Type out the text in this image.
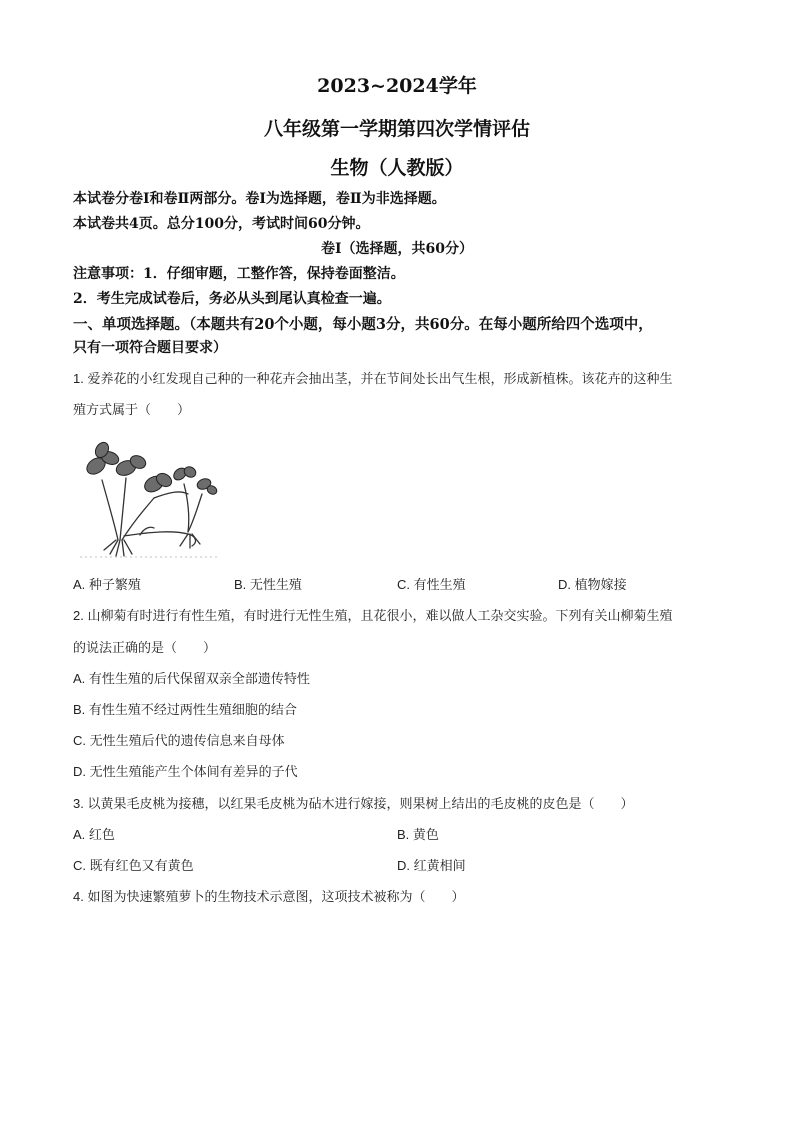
2023~2024学年
八年级第一学期第四次学情评估
生物（人教版）
本试卷分卷Ⅰ和卷Ⅱ两部分。卷Ⅰ为选择题，卷Ⅱ为非选择题。
本试卷共4页。总分100分，考试时间60分钟。
卷Ⅰ（选择题，共60分）
注意事项：1．仔细审题，工整作答，保持卷面整洁。
2．考生完成试卷后，务必从头到尾认真检查一遍。
一、单项选择题。（本题共有20个小题，每小题3分，共60分。在每小题所给四个选项中，
只有一项符合题目要求）
1. 爱养花的小红发现自己种的一种花卉会抽出茎，并在节间处长出气生根，形成新植株。该花卉的这种生
殖方式属于（　　）
A. 种子繁殖	B. 无性生殖	C. 有性生殖	D. 植物嫁接
2. 山柳菊有时进行有性生殖，有时进行无性生殖，且花很小，难以做人工杂交实验。下列有关山柳菊生殖
的说法正确的是（　　）
A. 有性生殖的后代保留双亲全部遗传特性
B. 有性生殖不经过两性生殖细胞的结合
C. 无性生殖后代的遗传信息来自母体
D. 无性生殖能产生个体间有差异的子代
3. 以黄果毛皮桃为接穗，以红果毛皮桃为砧木进行嫁接，则果树上结出的毛皮桃的皮色是（　　）
A. 红色	B. 黄色
C. 既有红色又有黄色	D. 红黄相间
4. 如图为快速繁殖萝卜的生物技术示意图，这项技术被称为（　　）
